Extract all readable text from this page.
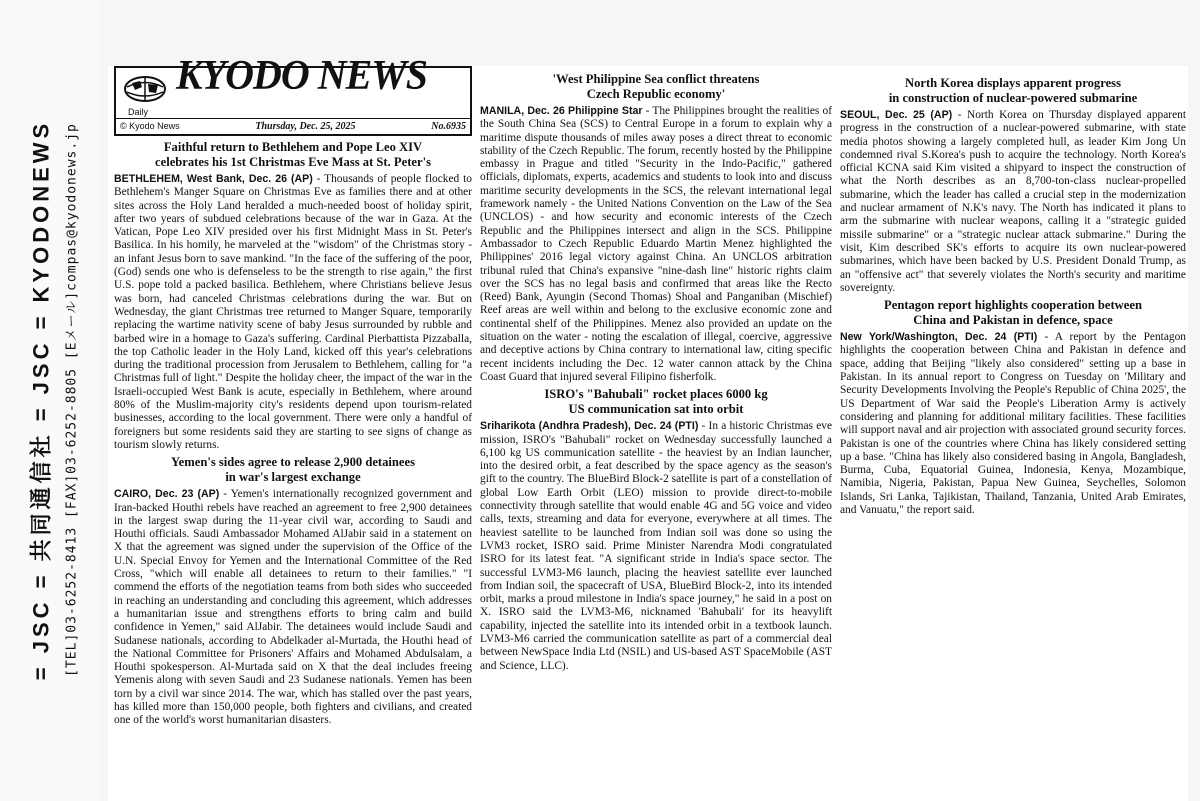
= JSC = 共同通信社 = JSC = KYODONEWS [TEL]03-6252-8413 [FAX]03-6252-8805 [Eメール]compas@kyodonews.jp
Daily
KYODO NEWS
© Kyodo News	Thursday, Dec. 25, 2025	No.6935
Faithful return to Bethlehem and Pope Leo XIV
celebrates his 1st Christmas Eve Mass at St. Peter's

BETHLEHEM, West Bank, Dec. 26 (AP) - Thousands of people flocked to Bethlehem's Manger Square on Christmas Eve as families there and at other sites across the Holy Land heralded a much-needed boost of holiday spirit, after two years of subdued celebrations because of the war in Gaza. At the Vatican, Pope Leo XIV presided over his first Midnight Mass in St. Peter's Basilica. In his homily, he marveled at the "wisdom" of the Christmas story - an infant Jesus born to save mankind. "In the face of the suffering of the poor, (God) sends one who is defenseless to be the strength to rise again," the first U.S. pope told a packed basilica. Bethlehem, where Christians believe Jesus was born, had canceled Christmas celebrations during the war. But on Wednesday, the giant Christmas tree returned to Manger Square, temporarily replacing the wartime nativity scene of baby Jesus surrounded by rubble and barbed wire in a homage to Gaza's suffering. Cardinal Pierbattista Pizzaballa, the top Catholic leader in the Holy Land, kicked off this year's celebrations during the traditional procession from Jerusalem to Bethlehem, calling for "a Christmas full of light." Despite the holiday cheer, the impact of the war in the Israeli-occupied West Bank is acute, especially in Bethlehem, where around 80% of the Muslim-majority city's residents depend upon tourism-related businesses, according to the local government. There were only a handful of foreigners but some residents said they are starting to see signs of change as tourism slowly returns.

Yemen's sides agree to release 2,900 detainees
in war's largest exchange

CAIRO, Dec. 23 (AP) - Yemen's internationally recognized government and Iran-backed Houthi rebels have reached an agreement to free 2,900 detainees in the largest swap during the 11-year civil war, according to Saudi and Houthi officials. Saudi Ambassador Mohamed AlJabir said in a statement on X that the agreement was signed under the supervision of the Office of the U.N. Special Envoy for Yemen and the International Committee of the Red Cross, "which will enable all detainees to return to their families." "I commend the efforts of the negotiation teams from both sides who succeeded in reaching an understanding and concluding this agreement, which addresses a humanitarian issue and strengthens efforts to bring calm and build confidence in Yemen," said AlJabir. The detainees would include Saudi and Sudanese nationals, according to Abdelkader al-Murtada, the Houthi head of the National Committee for Prisoners' Affairs and Mohamed Abdulsalam, a Houthi spokesperson. Al-Murtada said on X that the deal includes freeing Yemenis along with seven Saudi and 23 Sudanese nationals. Yemen has been torn by a civil war since 2014. The war, which has stalled over the past years, has killed more than 150,000 people, both fighters and civilians, and created one of the world's worst humanitarian disasters.

'West Philippine Sea conflict threatens
Czech Republic economy'

MANILA, Dec. 26 Philippine Star - The Philippines brought the realities of the South China Sea (SCS) to Central Europe in a forum to explain why a maritime dispute thousands of miles away poses a direct threat to economic stability of the Czech Republic. The forum, recently hosted by the Philippine embassy in Prague and titled "Security in the Indo-Pacific," gathered officials, diplomats, experts, academics and students to look into and discuss maritime security developments in the SCS, the relevant international legal framework namely - the United Nations Convention on the Law of the Sea (UNCLOS) - and how security and economic interests of the Czech Republic and the Philippines intersect and align in the SCS. Philippine Ambassador to Czech Republic Eduardo Martin Menez highlighted the Philippines' 2016 legal victory against China. An UNCLOS arbitration tribunal ruled that China's expansive "nine-dash line" historic rights claim over the SCS has no legal basis and confirmed that areas like the Recto (Reed) Bank, Ayungin (Second Thomas) Shoal and Panganiban (Mischief) Reef areas are well within and belong to the exclusive economic zone and continental shelf of the Philippines. Menez also provided an update on the situation on the water - noting the escalation of illegal, coercive, aggressive and deceptive actions by China contrary to international law, citing specific recent incidents including the Dec. 12 water cannon attack by the China Coast Guard that injured several Filipino fisherfolk.

ISRO's "Bahubali" rocket places 6000 kg
US communication sat into orbit

Sriharikota (Andhra Pradesh), Dec. 24 (PTI) - In a historic Christmas eve mission, ISRO's "Bahubali" rocket on Wednesday successfully launched a 6,100 kg US communication satellite - the heaviest by an Indian launcher, into the desired orbit, a feat described by the space agency as the season's gift to the country. The BlueBird Block-2 satellite is part of a constellation of global Low Earth Orbit (LEO) mission to provide direct-to-mobile connectivity through satellite that would enable 4G and 5G voice and video calls, texts, streaming and data for everyone, everywhere at all times. The heaviest satellite to be launched from Indian soil was done so using the LVM3 rocket, ISRO said. Prime Minister Narendra Modi congratulated ISRO for its latest feat. "A significant stride in India's space sector. The successful LVM3-M6 launch, placing the heaviest satellite ever launched from Indian soil, the spacecraft of USA, BlueBird Block-2, into its intended orbit, marks a proud milestone in India's space journey," he said in a post on X. ISRO said the LVM3-M6, nicknamed 'Bahubali' for its heavylift capability, injected the satellite into its intended orbit in a textbook launch. LVM3-M6 carried the communication satellite as part of a commercial deal between NewSpace India Ltd (NSIL) and US-based AST SpaceMobile (AST and Science, LLC).

North Korea displays apparent progress
in construction of nuclear-powered submarine

SEOUL, Dec. 25 (AP) - North Korea on Thursday displayed apparent progress in the construction of a nuclear-powered submarine, with state media photos showing a largely completed hull, as leader Kim Jong Un condemned rival S.Korea's push to acquire the technology. North Korea's official KCNA said Kim visited a shipyard to inspect the construction of what the North describes as an 8,700-ton-class nuclear-propelled submarine, which the leader has called a crucial step in the modernization and nuclear armament of N.K's navy. The North has indicated it plans to arm the submarine with nuclear weapons, calling it a "strategic guided missile submarine" or a "strategic nuclear attack submarine." During the visit, Kim described SK's efforts to acquire its own nuclear-powered submarines, which have been backed by U.S. President Donald Trump, as an "offensive act" that severely violates the North's security and maritime sovereignty.

Pentagon report highlights cooperation between
China and Pakistan in defence, space

New York/Washington, Dec. 24 (PTI) - A report by the Pentagon highlights the cooperation between China and Pakistan in defence and space, adding that Beijing "likely also considered" setting up a base in Pakistan. In its annual report to Congress on Tuesday on 'Military and Security Developments Involving the People's Republic of China 2025', the US Department of War said the People's Liberation Army is actively considering and planning for additional military facilities. These facilities will support naval and air projection with associated ground security forces. Pakistan is one of the countries where China has likely considered setting up a base. "China has likely also considered basing in Angola, Bangladesh, Burma, Cuba, Equatorial Guinea, Indonesia, Kenya, Mozambique, Namibia, Nigeria, Pakistan, Papua New Guinea, Seychelles, Solomon Islands, Sri Lanka, Tajikistan, Thailand, Tanzania, United Arab Emirates, and Vanuatu," the report said.
